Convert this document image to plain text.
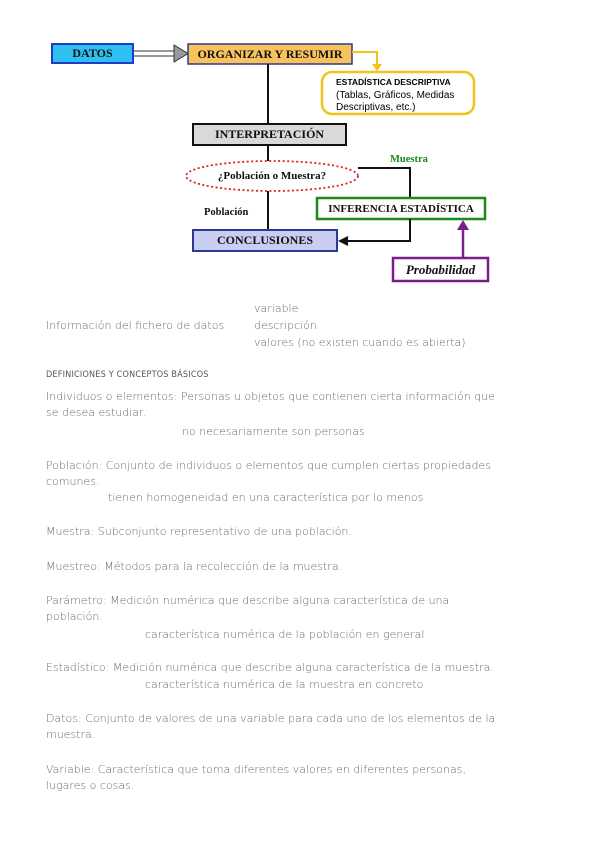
DATOS	ORGANIZAR Y RESUMIR
ESTADÍSTICA DESCRIPTIVA
(Tablas, Gráficos, Medidas Descriptivas, etc.)
INTERPRETACIÓN
¿Población o Muestra?
Muestra
Población	INFERENCIA ESTADÍSTICA
CONCLUSIONES
Probabilidad
variable
Información del fichero de datos	descripción
valores (no existen cuando es abierta)
DEFINICIONES Y CONCEPTOS BÁSICOS
Individuos o elementos: Personas u objetos que contienen cierta información que
se desea estudiar.
no necesariamente son personas
Población: Conjunto de individuos o elementos que cumplen ciertas propiedades
comunes.
tienen homogeneidad en una característica por lo menos
Muestra: Subconjunto representativo de una población.
Muestreo: Métodos para la recolección de la muestra.
Parámetro: Medición numérica que describe alguna característica de una
población.
característica numérica de la población en general
Estadístico: Medición numérica que describe alguna característica de la muestra.
característica numérica de la muestra en concreto
Datos: Conjunto de valores de una variable para cada uno de los elementos de la
muestra.
Variable: Característica que toma diferentes valores en diferentes personas,
lugares o cosas.
